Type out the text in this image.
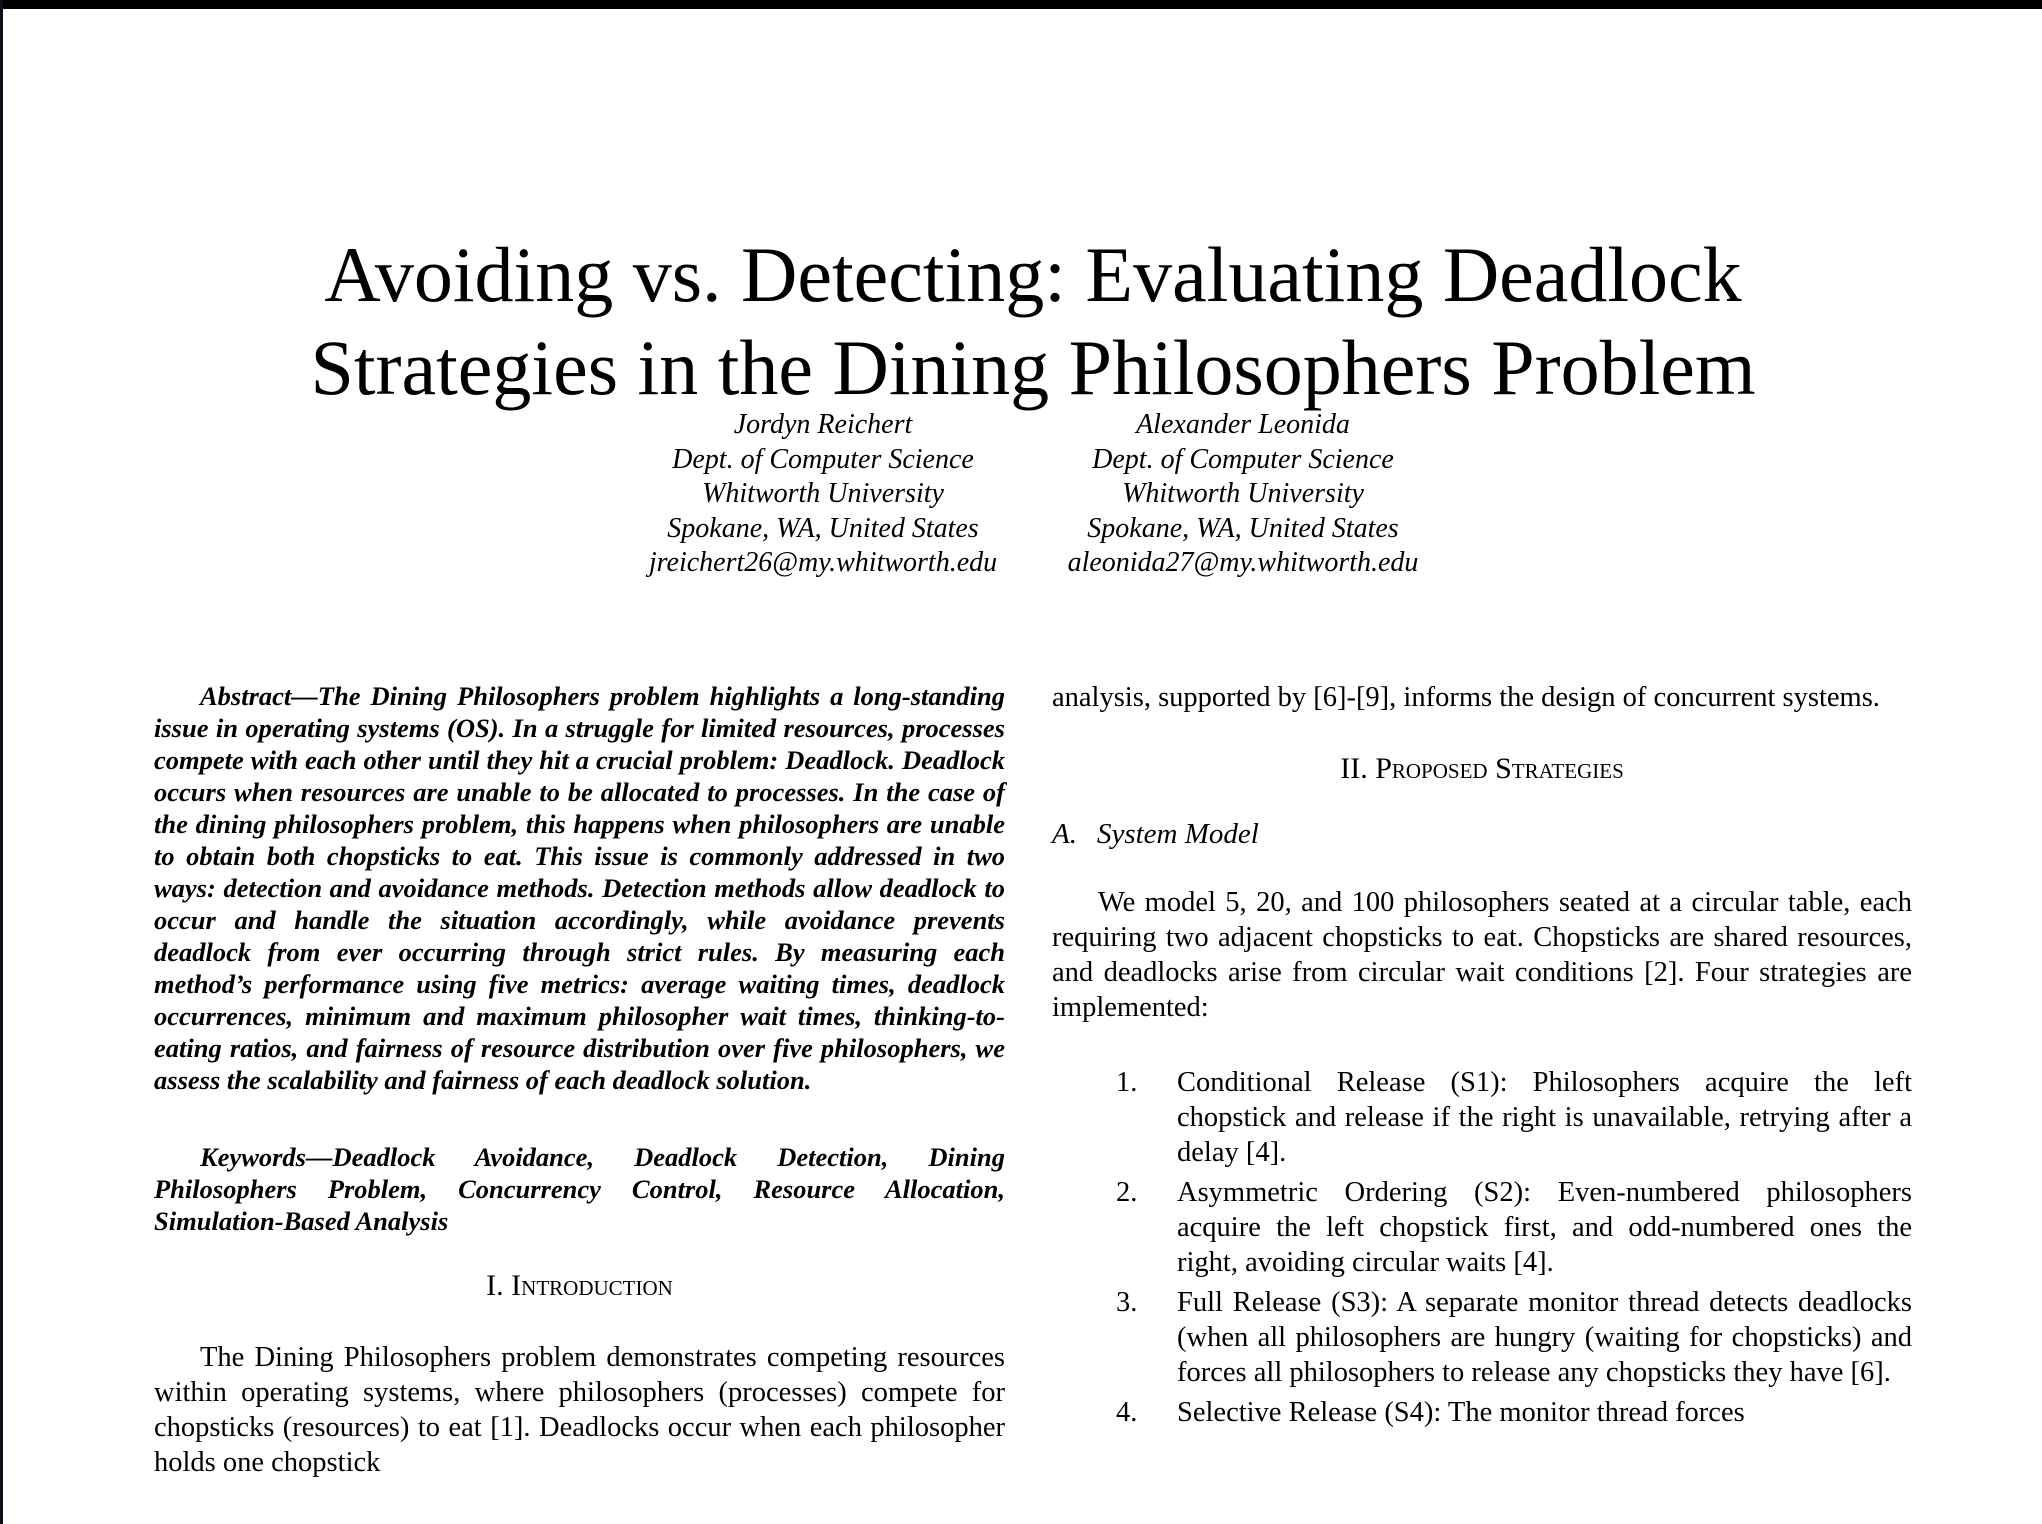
Avoiding vs. Detecting: Evaluating Deadlock
Strategies in the Dining Philosophers Problem
Jordyn Reichert
Dept. of Computer Science
Whitworth University
Spokane, WA, United States
jreichert26@my.whitworth.edu
Alexander Leonida
Dept. of Computer Science
Whitworth University
Spokane, WA, United States
aleonida27@my.whitworth.edu

Abstract—The Dining Philosophers problem highlights a long-standing issue in operating systems (OS). In a struggle for limited resources, processes compete with each other until they hit a crucial problem: Deadlock. Deadlock occurs when resources are unable to be allocated to processes. In the case of the dining philosophers problem, this happens when philosophers are unable to obtain both chopsticks to eat. This issue is commonly addressed in two ways: detection and avoidance methods. Detection methods allow deadlock to occur and handle the situation accordingly, while avoidance prevents deadlock from ever occurring through strict rules. By measuring each method’s performance using five metrics: average waiting times, deadlock occurrences, minimum and maximum philosopher wait times, thinking-to-eating ratios, and fairness of resource distribution over five philosophers, we assess the scalability and fairness of each deadlock solution.

Keywords—Deadlock Avoidance, Deadlock Detection, Dining Philosophers Problem, Concurrency Control, Resource Allocation, Simulation-Based Analysis

I. Introduction

The Dining Philosophers problem demonstrates competing resources within operating systems, where philosophers (processes) compete for chopsticks (resources) to eat [1]. Deadlocks occur when each philosopher holds one chopstick

analysis, supported by [6]-[9], informs the design of concurrent systems.

II. Proposed Strategies
A. System Model

We model 5, 20, and 100 philosophers seated at a circular table, each requiring two adjacent chopsticks to eat. Chopsticks are shared resources, and deadlocks arise from circular wait conditions [2]. Four strategies are implemented:

1. Conditional Release (S1): Philosophers acquire the left chopstick and release if the right is unavailable, retrying after a delay [4].
2. Asymmetric Ordering (S2): Even-numbered philosophers acquire the left chopstick first, and odd-numbered ones the right, avoiding circular waits [4].
3. Full Release (S3): A separate monitor thread detects deadlocks (when all philosophers are hungry (waiting for chopsticks) and forces all philosophers to release any chopsticks they have [6].
4. Selective Release (S4): The monitor thread forces
